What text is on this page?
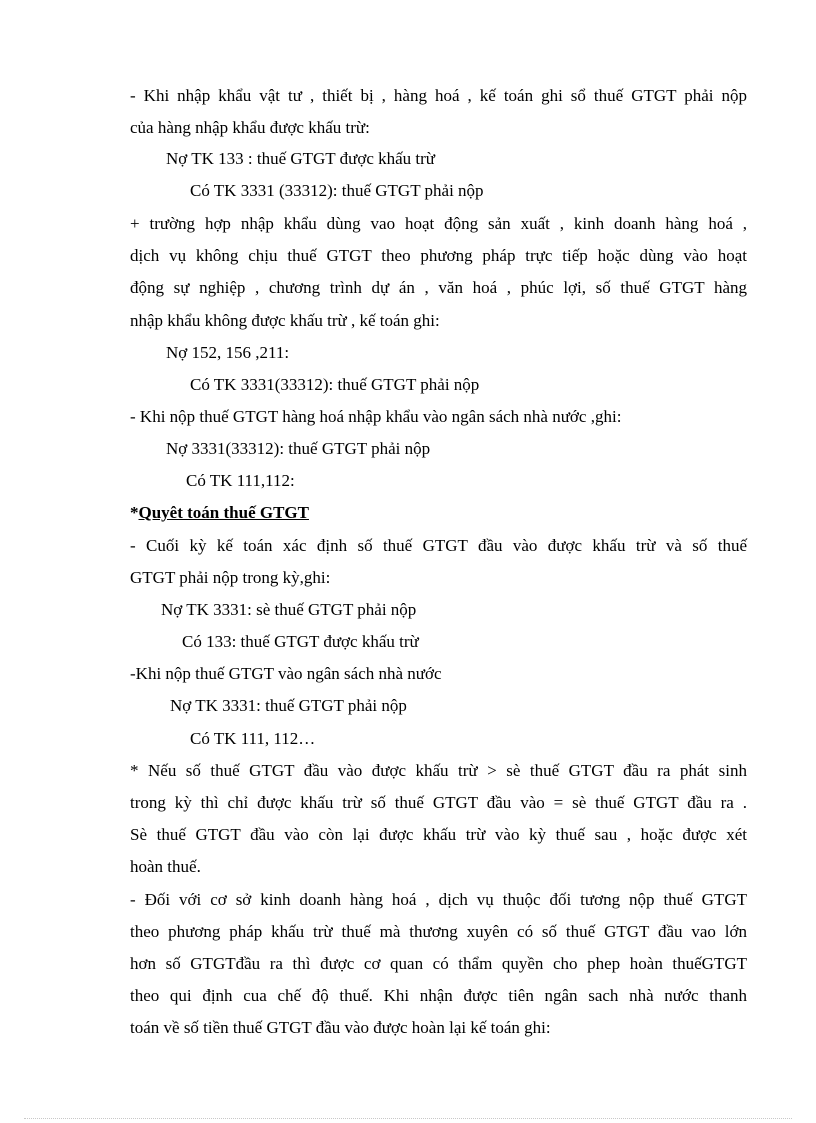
- Khi nhập khẩu vật tư , thiết bị , hàng hoá , kế toán ghi sổ thuế GTGT phải nộp
của hàng nhập khẩu được khấu trừ:
Nợ TK 133 : thuế GTGT được khấu trừ
Có TK 3331 (33312): thuế GTGT phải nộp
+ trường hợp nhập khẩu dùng vao hoạt động sản xuất , kinh doanh hàng hoá ,
dịch vụ không chịu thuế GTGT theo phương pháp trực tiếp hoặc dùng vào hoạt
động sự nghiệp , chương trình dự án , văn hoá , phúc lợi, số thuế GTGT hàng
nhập khẩu không được khấu trừ , kế toán ghi:
Nợ 152, 156 ,211:
Có TK 3331(33312): thuế GTGT phải nộp
- Khi nộp thuế GTGT hàng hoá nhập khẩu vào ngân sách nhà nước ,ghi:
Nợ 3331(33312): thuế GTGT phải nộp
Có TK 111,112:
*Quyêt toán thuế GTGT
- Cuối kỳ kế toán xác định số thuế GTGT đầu vào được khấu trừ và số thuế
GTGT phải nộp trong kỳ,ghi:
Nợ TK 3331: sè thuế GTGT phải nộp
Có 133: thuế GTGT được khấu trừ
-Khi nộp thuế GTGT vào ngân sách nhà nước
Nợ TK 3331: thuế GTGT phải nộp
Có TK 111, 112…
* Nếu số thuế GTGT đầu vào được khấu trừ > sè thuế GTGT đầu ra phát sinh
trong kỳ thì chỉ được khấu trừ số thuế GTGT đầu vào = sè thuế GTGT đầu ra .
Sè thuế GTGT đầu vào còn lại được khấu trừ vào kỳ thuế sau , hoặc được xét
hoàn thuế.
- Đối với cơ sở kinh doanh hàng hoá , dịch vụ thuộc đối tương nộp thuế GTGT
theo phương pháp khấu trừ thuế mà thương xuyên có số thuế GTGT đầu vao lớn
hơn số GTGTđầu ra thì được cơ quan có thẩm quyền cho phep hoàn thuếGTGT
theo qui định cua chế độ thuế. Khi nhận được tiên ngân sach nhà nước thanh
toán về số tiền thuế GTGT đầu vào được hoàn lại kế toán ghi:
